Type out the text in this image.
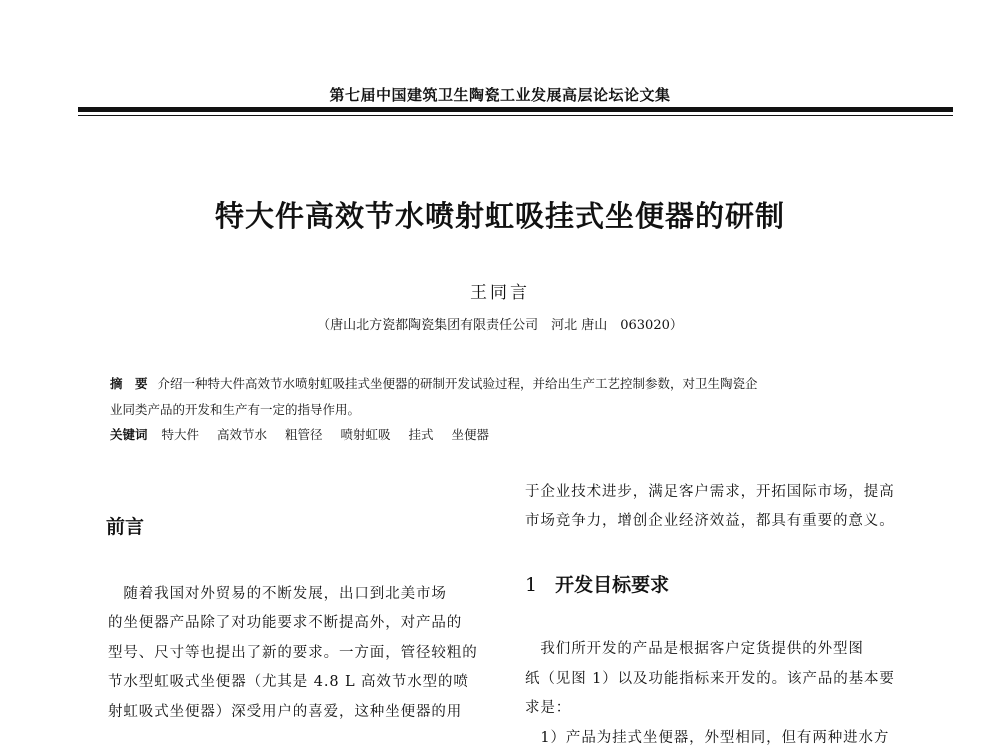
第七届中国建筑卫生陶瓷工业发展高层论坛论文集
特大件高效节水喷射虹吸挂式坐便器的研制
王同言
（唐山北方瓷都陶瓷集团有限责任公司　河北 唐山　063020）
摘　要 介绍一种特大件高效节水喷射虹吸挂式坐便器的研制开发试验过程，并给出生产工艺控制参数，对卫生陶瓷企
业同类产品的开发和生产有一定的指导作用。
关键词 特大件 高效节水 粗管径 喷射虹吸 挂式 坐便器
前言
　随着我国对外贸易的不断发展，出口到北美市场
的坐便器产品除了对功能要求不断提高外，对产品的
型号、尺寸等也提出了新的要求。一方面，管径较粗的
节水型虹吸式坐便器（尤其是 4.8 L 高效节水型的喷
射虹吸式坐便器）深受用户的喜爱，这种坐便器的用
于企业技术进步，满足客户需求，开拓国际市场，提高
市场竞争力，增创企业经济效益，都具有重要的意义。
1 开发目标要求
　我们所开发的产品是根据客户定货提供的外型图
纸（见图 1）以及功能指标来开发的。该产品的基本要
求是：
　1）产品为挂式坐便器，外型相同，但有两种进水方
